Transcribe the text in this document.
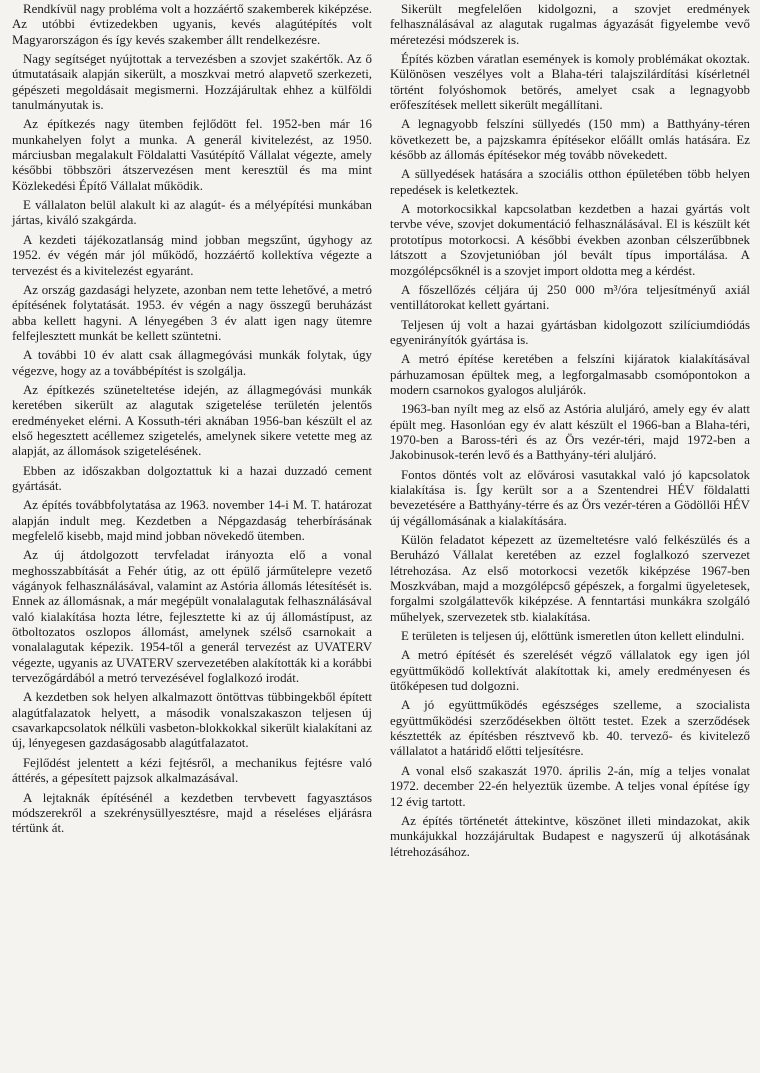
Rendkívül nagy probléma volt a hozzáértő szakemberek kiképzése. Az utóbbi évtizedekben ugyanis, kevés alagútépítés volt Magyarországon és így kevés szakember állt rendelkezésre.

Nagy segítséget nyújtottak a tervezésben a szovjet szakértők. Az ő útmutatásaik alapján sikerült, a moszkvai metró alapvető szerkezeti, gépészeti megoldásait megismerni. Hozzájárultak ehhez a külföldi tanulmányutak is.

Az építkezés nagy ütemben fejlődött fel. 1952-ben már 16 munkahelyen folyt a munka. A generál kivitelezést, az 1950. márciusban megalakult Földalatti Vasútépítő Vállalat végezte, amely későbbi többszöri átszervezésen ment keresztül és ma mint Közlekedési Építő Vállalat működik.

E vállalaton belül alakult ki az alagút- és a mélyépítési munkában jártas, kiváló szakgárda.

A kezdeti tájékozatlanság mind jobban megszűnt, úgyhogy az 1952. év végén már jól működő, hozzáértő kollektíva végezte a tervezést és a kivitelezést egyaránt.

Az ország gazdasági helyzete, azonban nem tette lehetővé, a metró építésének folytatását. 1953. év végén a nagy összegű beruházást abba kellett hagyni. A lényegében 3 év alatt igen nagy ütemre felfejlesztett munkát be kellett szüntetni.

A további 10 év alatt csak állagmegóvási munkák folytak, úgy végezve, hogy az a továbbépítést is szolgálja.

Az építkezés szüneteltetése idején, az állagmegóvási munkák keretében sikerült az alagutak szigetelése területén jelentős eredményeket elérni. A Kossuth-téri aknában 1956-ban készült el az első hegesztett acéllemez szigetelés, amelynek sikere vetette meg az alapját, az állomások szigetelésének.

Ebben az időszakban dolgoztattuk ki a hazai duzzadó cement gyártását.

Az építés továbbfolytatása az 1963. november 14-i M. T. határozat alapján indult meg. Kezdetben a Népgazdaság teherbírásának megfelelő kisebb, majd mind jobban növekedő ütemben.

Az új átdolgozott tervfeladat irányozta elő a vonal meghosszabbítását a Fehér útig, az ott épülő járműtelepre vezető vágányok felhasználásával, valamint az Astória állomás létesítését is. Ennek az állomásnak, a már megépült vonalalagutak felhasználásával való kialakítása hozta létre, fejlesztette ki az új állomástípust, az ötboltozatos oszlopos állomást, amelynek szélső csarnokait a vonalalagutak képezik. 1954-től a generál tervezést az UVATERV végezte, ugyanis az UVATERV szervezetében alakították ki a korábbi tervezőgárdából a metró tervezésével foglalkozó irodát.

A kezdetben sok helyen alkalmazott öntöttvas tübbingekből épített alagútfalazatok helyett, a második vonalszakaszon teljesen új csavarkapcsolatok nélküli vasbeton-blokkokkal sikerült kialakítani az új, lényegesen gazdaságosabb alagútfalazatot.

Fejlődést jelentett a kézi fejtésről, a mechanikus fejtésre való áttérés, a gépesített pajzsok alkalmazásával.

A lejtaknák építésénél a kezdetben tervbevett fagyasztásos módszerekről a szekrénysüllyesztésre, majd a réseléses eljárásra tértünk át.

Sikerült megfelelően kidolgozni, a szovjet eredmények felhasználásával az alagutak rugalmas ágyazását figyelembe vevő méretezési módszerek is.

Építés közben váratlan események is komoly problémákat okoztak. Különösen veszélyes volt a Blaha-téri talajszilárdítási kísérletnél történt folyóshomok betörés, amelyet csak a legnagyobb erőfeszítések mellett sikerült megállítani.

A legnagyobb felszíni süllyedés (150 mm) a Batthyány-téren következett be, a pajzskamra építésekor előállt omlás hatására. Ez később az állomás építésekor még tovább növekedett.

A süllyedések hatására a szociális otthon épületében több helyen repedések is keletkeztek.

A motorkocsikkal kapcsolatban kezdetben a hazai gyártás volt tervbe véve, szovjet dokumentáció felhasználásával. El is készült két prototípus motorkocsi. A későbbi években azonban célszerűbbnek látszott a Szovjetunióban jól bevált típus importálása. A mozgólépcsőknél is a szovjet import oldotta meg a kérdést.

A főszellőzés céljára új 250 000 m³/óra teljesítményű axiál ventillátorokat kellett gyártani.

Teljesen új volt a hazai gyártásban kidolgozott szilíciumdiódás egyenirányítók gyártása is.

A metró építése keretében a felszíni kijáratok kialakításával párhuzamosan épültek meg, a legforgalmasabb csomópontokon a modern csarnokos gyalogos aluljárók.

1963-ban nyílt meg az első az Astória aluljáró, amely egy év alatt épült meg. Hasonlóan egy év alatt készült el 1966-ban a Blaha-téri, 1970-ben a Baross-téri és az Örs vezér-téri, majd 1972-ben a Jakobinusok-terén levő és a Batthyány-téri aluljáró.

Fontos döntés volt az elővárosi vasutakkal való jó kapcsolatok kialakítása is. Így került sor a a Szentendrei HÉV földalatti bevezetésére a Batthyány-térre és az Örs vezér-téren a Gödöllői HÉV új végállomásának a kialakítására.

Külön feladatot képezett az üzemeltetésre való felkészülés és a Beruházó Vállalat keretében az ezzel foglalkozó szervezet létrehozása. Az első motorkocsi vezetők kiképzése 1967-ben Moszkvában, majd a mozgólépcső gépészek, a forgalmi ügyeletesek, forgalmi szolgálattevők kiképzése. A fenntartási munkákra szolgáló műhelyek, szervezetek stb. kialakítása.

E területen is teljesen új, előttünk ismeretlen úton kellett elindulni.

A metró építését és szerelését végző vállalatok egy igen jól együttműködő kollektívát alakítottak ki, amely eredményesen és ütőképesen tud dolgozni.

A jó együttműködés egészséges szelleme, a szocialista együttműködési szerződésekben öltött testet. Ezek a szerződések késztették az építésben résztvevő kb. 40. tervező- és kivitelező vállalatot a határidő előtti teljesítésre.

A vonal első szakaszát 1970. április 2-án, míg a teljes vonalat 1972. december 22-én helyeztük üzembe. A teljes vonal építése így 12 évig tartott.

Az építés történetét áttekintve, köszönet illeti mindazokat, akik munkájukkal hozzájárultak Budapest e nagyszerű új alkotásának létrehozásához.
